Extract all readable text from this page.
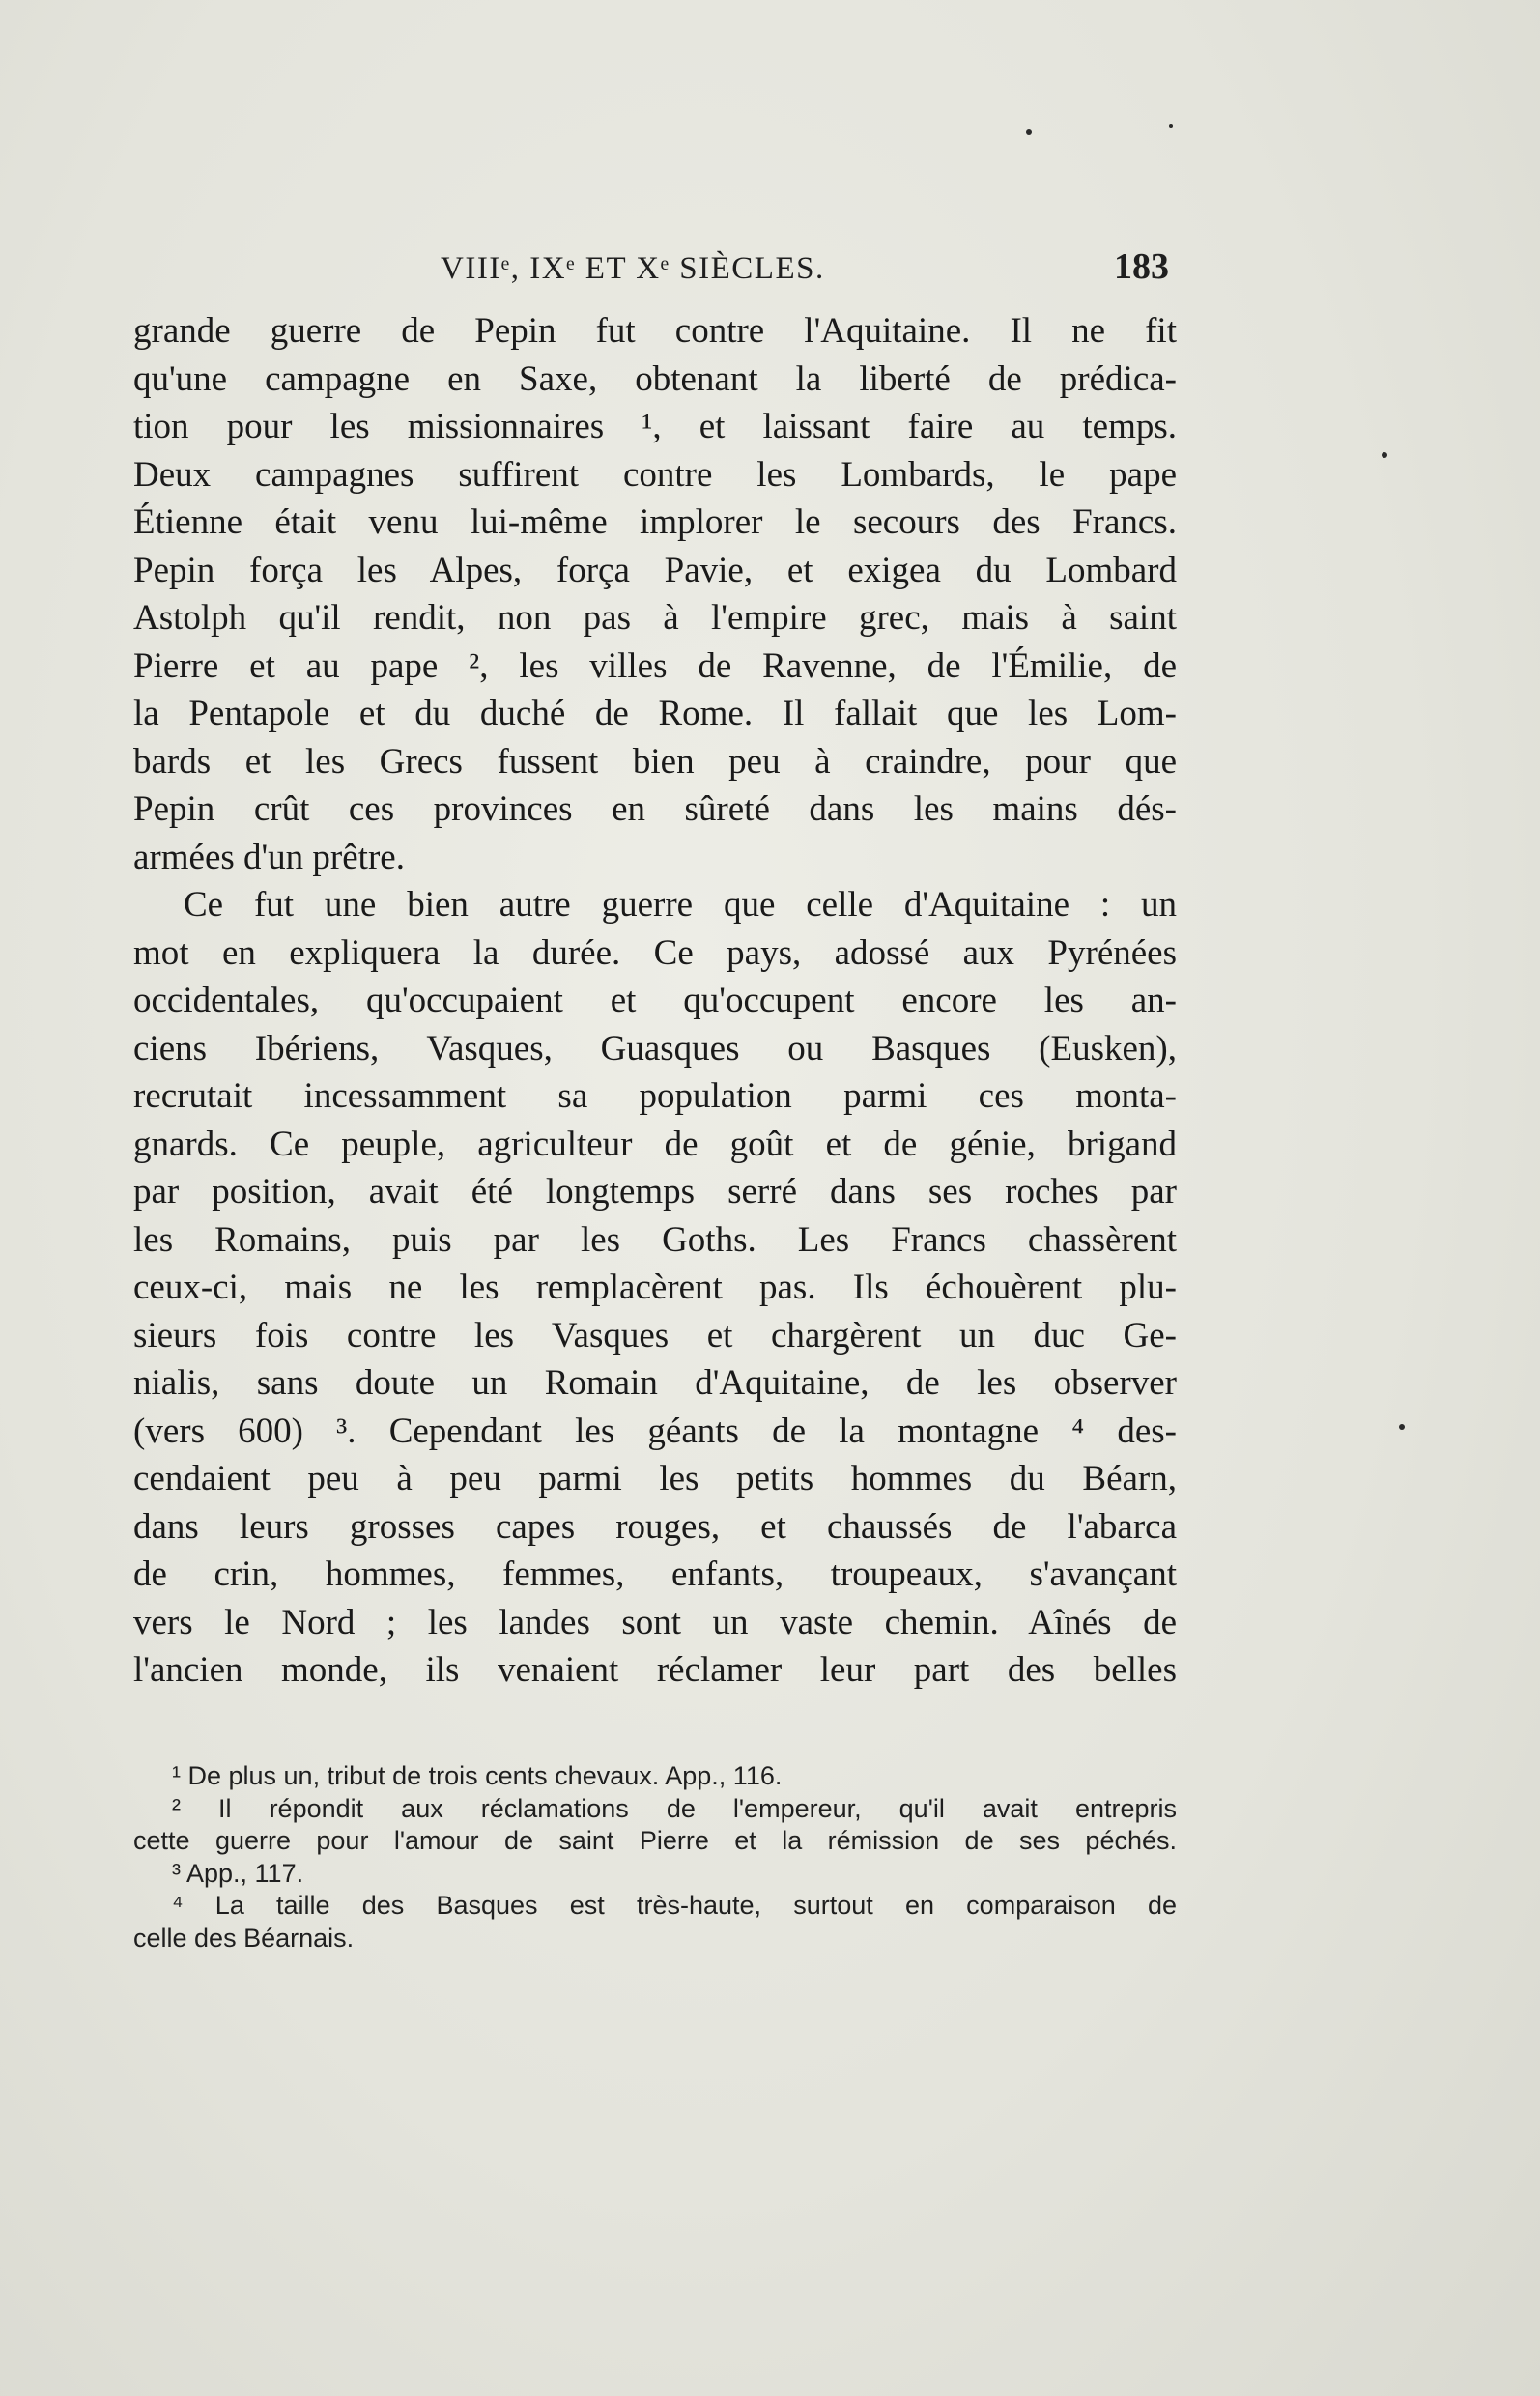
VIIIᵉ, IXᵉ ET Xᵉ SIÈCLES.	183
grande guerre de Pepin fut contre l'Aquitaine. Il ne fit
qu'une campagne en Saxe, obtenant la liberté de prédica-
tion pour les missionnaires ¹, et laissant faire au temps.
Deux campagnes suffirent contre les Lombards, le pape
Étienne était venu lui-même implorer le secours des Francs.
Pepin força les Alpes, força Pavie, et exigea du Lombard
Astolph qu'il rendit, non pas à l'empire grec, mais à saint
Pierre et au pape ², les villes de Ravenne, de l'Émilie, de
la Pentapole et du duché de Rome. Il fallait que les Lom-
bards et les Grecs fussent bien peu à craindre, pour que
Pepin crût ces provinces en sûreté dans les mains dés-
armées d'un prêtre.
Ce fut une bien autre guerre que celle d'Aquitaine : un
mot en expliquera la durée. Ce pays, adossé aux Pyrénées
occidentales, qu'occupaient et qu'occupent encore les an-
ciens Ibériens, Vasques, Guasques ou Basques (Eusken),
recrutait incessamment sa population parmi ces monta-
gnards. Ce peuple, agriculteur de goût et de génie, brigand
par position, avait été longtemps serré dans ses roches par
les Romains, puis par les Goths. Les Francs chassèrent
ceux-ci, mais ne les remplacèrent pas. Ils échouèrent plu-
sieurs fois contre les Vasques et chargèrent un duc Ge-
nialis, sans doute un Romain d'Aquitaine, de les observer
(vers 600) ³. Cependant les géants de la montagne ⁴ des-
cendaient peu à peu parmi les petits hommes du Béarn,
dans leurs grosses capes rouges, et chaussés de l'abarca
de crin, hommes, femmes, enfants, troupeaux, s'avançant
vers le Nord ; les landes sont un vaste chemin. Aînés de
l'ancien monde, ils venaient réclamer leur part des belles
¹ De plus un, tribut de trois cents chevaux. App., 116.
² Il répondit aux réclamations de l'empereur, qu'il avait entrepris
cette guerre pour l'amour de saint Pierre et la rémission de ses péchés.
³ App., 117.
⁴ La taille des Basques est très-haute, surtout en comparaison de
celle des Béarnais.
